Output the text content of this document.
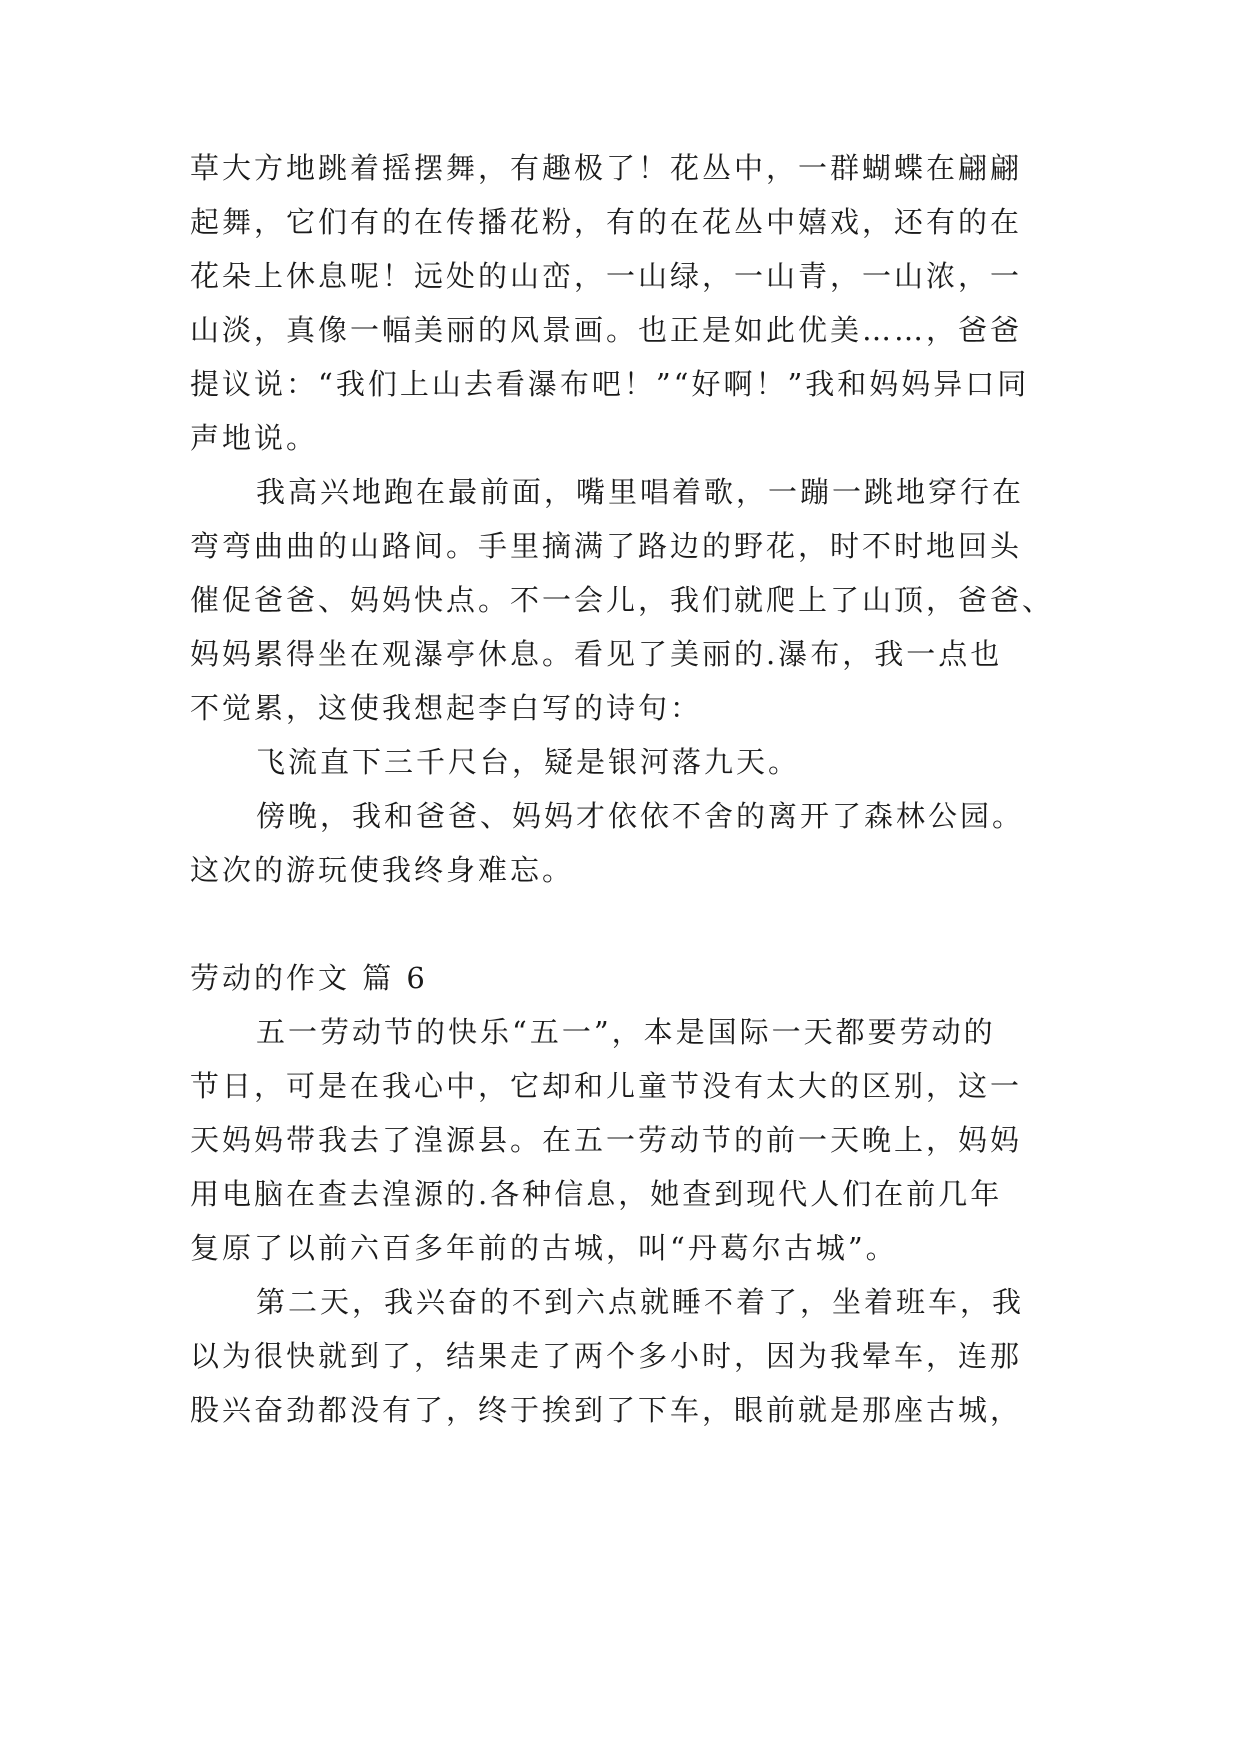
草大方地跳着摇摆舞，有趣极了！花丛中，一群蝴蝶在翩翩
起舞，它们有的在传播花粉，有的在花丛中嬉戏，还有的在
花朵上休息呢！远处的山峦，一山绿，一山青，一山浓，一
山淡，真像一幅美丽的风景画。也正是如此优美……，爸爸
提议说：“我们上山去看瀑布吧！”“好啊！”我和妈妈异口同
声地说。
我高兴地跑在最前面，嘴里唱着歌，一蹦一跳地穿行在
弯弯曲曲的山路间。手里摘满了路边的野花，时不时地回头
催促爸爸、妈妈快点。不一会儿，我们就爬上了山顶，爸爸、
妈妈累得坐在观瀑亭休息。看见了美丽的.瀑布，我一点也
不觉累，这使我想起李白写的诗句：
飞流直下三千尺台，疑是银河落九天。
傍晚，我和爸爸、妈妈才依依不舍的离开了森林公园。
这次的游玩使我终身难忘。
劳动的作文 篇 6
五一劳动节的快乐“五一”，本是国际一天都要劳动的
节日，可是在我心中，它却和儿童节没有太大的区别，这一
天妈妈带我去了湟源县。在五一劳动节的前一天晚上，妈妈
用电脑在查去湟源的.各种信息，她查到现代人们在前几年
复原了以前六百多年前的古城，叫“丹葛尔古城”。
第二天，我兴奋的不到六点就睡不着了，坐着班车，我
以为很快就到了，结果走了两个多小时，因为我晕车，连那
股兴奋劲都没有了，终于挨到了下车，眼前就是那座古城，
